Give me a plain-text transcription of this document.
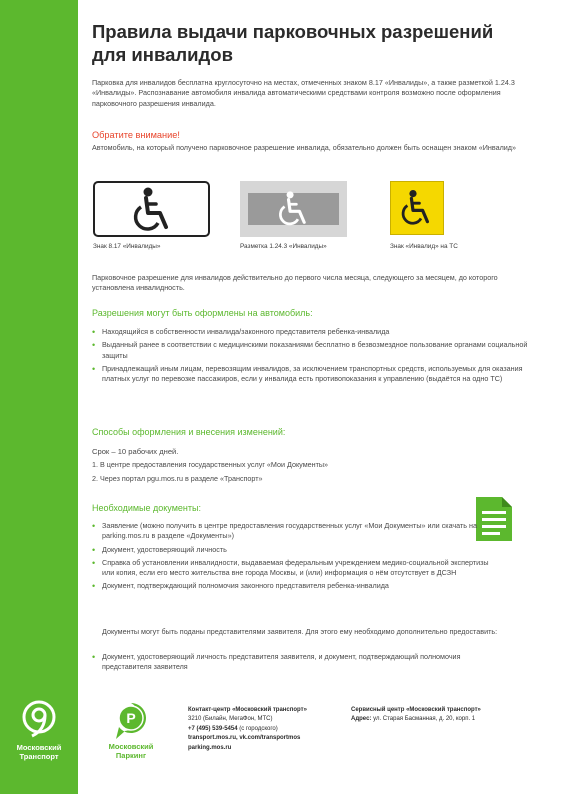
Московский Транспорт
Правила выдачи парковочных разрешений для инвалидов

Парковка для инвалидов бесплатна круглосуточно на местах, отмеченных знаком 8.17 «Инвалиды», а также разметкой 1.24.3 «Инвалиды». Распознавание автомобиля инвалида автоматическими средствами контроля возможно после оформления парковочного разрешения инвалида.

Обратите внимание!

Автомобиль, на который получено парковочное разрешение инвалида, обязательно должен быть оснащен знаком «Инвалид»

Знак 8.17 «Инвалиды»	Разметка 1.24.3 «Инвалиды»	Знак «Инвалид» на ТС

Парковочное разрешение для инвалидов действительно до первого числа месяца, следующего за месяцем, до которого установлена инвалидность.

Разрешения могут быть оформлены на автомобиль:

• Находящийся в собственности инвалида/законного представителя ребенка-инвалида
• Выданный ранее в соответствии с медицинскими показаниями бесплатно в безвозмездное пользование органами социальной защиты
• Принадлежащий иным лицам, перевозящим инвалидов, за исключением транспортных средств, используемых для оказания платных услуг по перевозке пассажиров, если у инвалида есть противопоказания к управлению (выдаётся на одно ТС)

Способы оформления и внесения изменений:

Срок – 10 рабочих дней.

1. В центре предоставления государственных услуг «Мои Документы»

2. Через портал pgu.mos.ru в разделе «Транспорт»

Необходимые документы:

• Заявление (можно получить в центре предоставления государственных услуг «Мои Документы» или скачать на parking.mos.ru в разделе «Документы»)
• Документ, удостоверяющий личность
• Справка об установлении инвалидности, выдаваемая федеральным учреждением медико-социальной экспертизы или копия, если его место жительства вне города Москвы, и (или) информация о нём отсутствует в ДСЗН
• Документ, подтверждающий полномочия законного представителя ребенка-инвалида

Документы могут быть поданы представителями заявителя. Для этого ему необходимо дополнительно предоставить:

• Документ, удостоверяющий личность представителя заявителя, и документ, подтверждающий полномочия представителя заявителя
P
Московский Паркинг
Контакт-центр «Московский транспорт»
3210 (Билайн, МегаФон, МТС)
+7 (495) 539-5454 (с городского)
transport.mos.ru, vk.com/transportmos
parking.mos.ru
Сервисный центр «Московский транспорт»
Адрес: ул. Старая Басманная, д. 20, корп. 1
